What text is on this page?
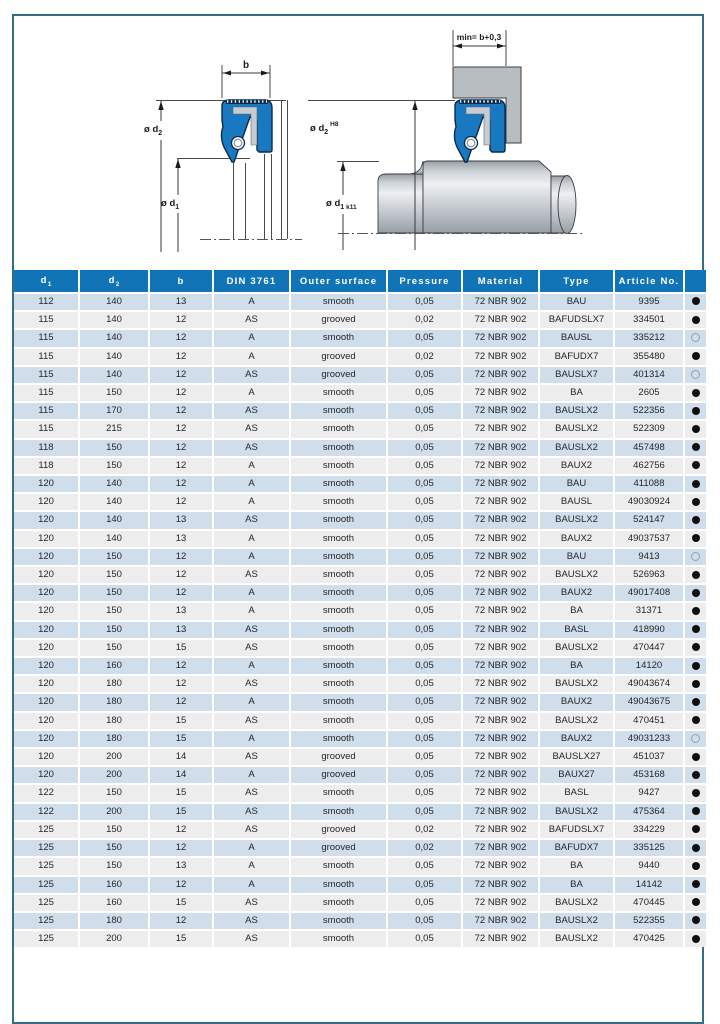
b
ø $d_2$
ø $d_1$
min= b+0,3
ø $d_2^{H8}$
ø $d_1$ k11
$d_1$	$d_2$	b	DIN 3761	Outer surface	Pressure	Material	Type	Article No.	
112	140	13	A	smooth	0,05	72 NBR 902	BAU	9395	
115	140	12	AS	grooved	0,02	72 NBR 902	BAFUDSLX7	334501	
115	140	12	A	smooth	0,05	72 NBR 902	BAUSL	335212	
115	140	12	A	grooved	0,02	72 NBR 902	BAFUDX7	355480	
115	140	12	AS	grooved	0,05	72 NBR 902	BAUSLX7	401314	
115	150	12	A	smooth	0,05	72 NBR 902	BA	2605	
115	170	12	AS	smooth	0,05	72 NBR 902	BAUSLX2	522356	
115	215	12	AS	smooth	0,05	72 NBR 902	BAUSLX2	522309	
118	150	12	AS	smooth	0,05	72 NBR 902	BAUSLX2	457498	
118	150	12	A	smooth	0,05	72 NBR 902	BAUX2	462756	
120	140	12	A	smooth	0,05	72 NBR 902	BAU	411088	
120	140	12	A	smooth	0,05	72 NBR 902	BAUSL	49030924	
120	140	13	AS	smooth	0,05	72 NBR 902	BAUSLX2	524147	
120	140	13	A	smooth	0,05	72 NBR 902	BAUX2	49037537	
120	150	12	A	smooth	0,05	72 NBR 902	BAU	9413	
120	150	12	AS	smooth	0,05	72 NBR 902	BAUSLX2	526963	
120	150	12	A	smooth	0,05	72 NBR 902	BAUX2	49017408	
120	150	13	A	smooth	0,05	72 NBR 902	BA	31371	
120	150	13	AS	smooth	0,05	72 NBR 902	BASL	418990	
120	150	15	AS	smooth	0,05	72 NBR 902	BAUSLX2	470447	
120	160	12	A	smooth	0,05	72 NBR 902	BA	14120	
120	180	12	AS	smooth	0,05	72 NBR 902	BAUSLX2	49043674	
120	180	12	A	smooth	0,05	72 NBR 902	BAUX2	49043675	
120	180	15	AS	smooth	0,05	72 NBR 902	BAUSLX2	470451	
120	180	15	A	smooth	0,05	72 NBR 902	BAUX2	49031233	
120	200	14	AS	grooved	0,05	72 NBR 902	BAUSLX27	451037	
120	200	14	A	grooved	0,05	72 NBR 902	BAUX27	453168	
122	150	15	AS	smooth	0,05	72 NBR 902	BASL	9427	
122	200	15	AS	smooth	0,05	72 NBR 902	BAUSLX2	475364	
125	150	12	AS	grooved	0,02	72 NBR 902	BAFUDSLX7	334229	
125	150	12	A	grooved	0,02	72 NBR 902	BAFUDX7	335125	
125	150	13	A	smooth	0,05	72 NBR 902	BA	9440	
125	160	12	A	smooth	0,05	72 NBR 902	BA	14142	
125	160	15	AS	smooth	0,05	72 NBR 902	BAUSLX2	470445	
125	180	12	AS	smooth	0,05	72 NBR 902	BAUSLX2	522355	
125	200	15	AS	smooth	0,05	72 NBR 902	BAUSLX2	470425	
